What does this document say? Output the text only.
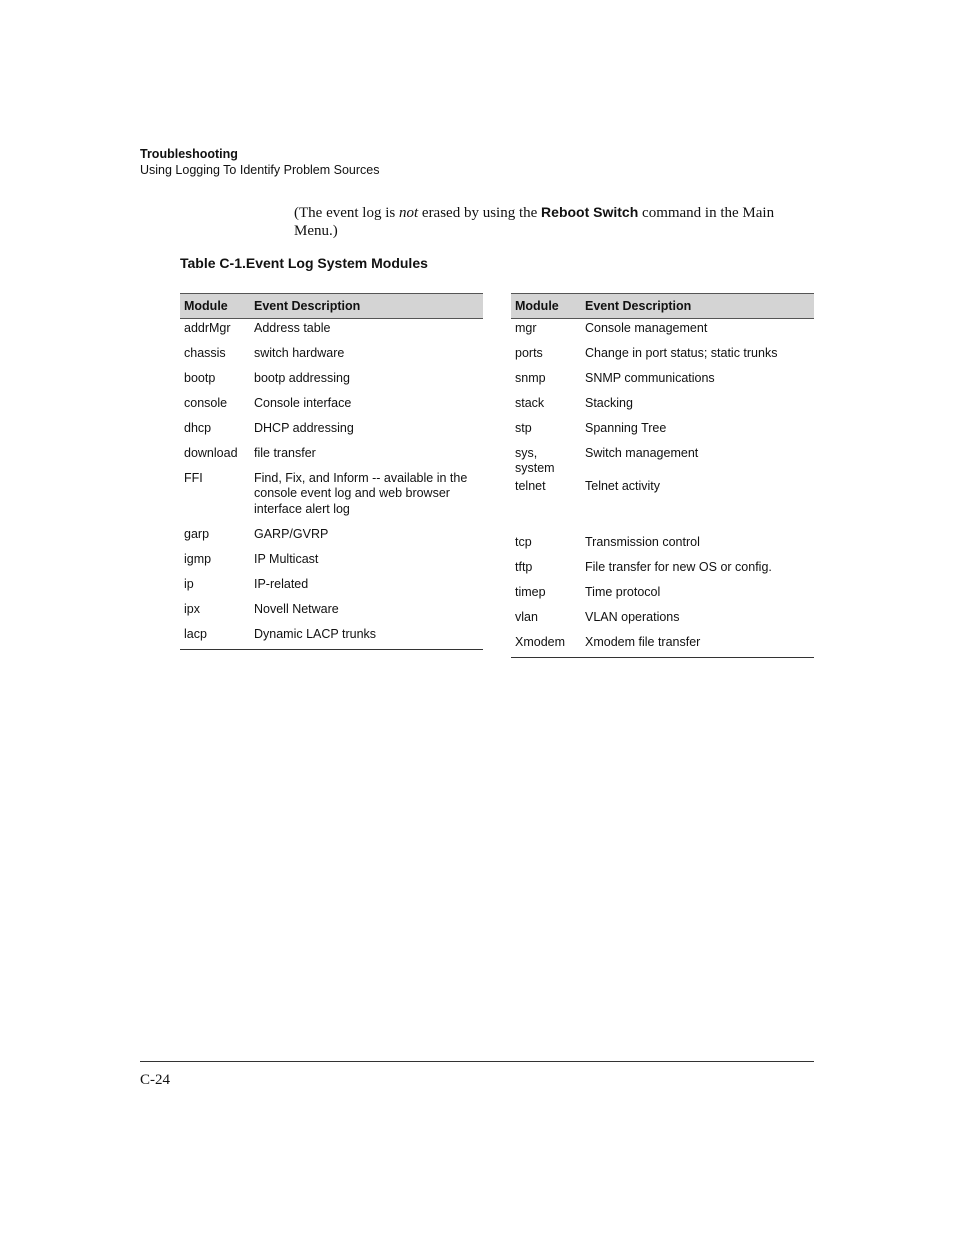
Troubleshooting
Using Logging To Identify Problem Sources
(The event log is not erased by using the Reboot Switch command in the Main Menu.)
Table C-1.Event Log System Modules
Module	Event Description
addrMgr	Address table
chassis	switch hardware
bootp	bootp addressing
console	Console interface
dhcp	DHCP addressing
download	file transfer
FFI	Find, Fix, and Inform -- available in the console event log and web browser interface alert log
garp	GARP/GVRP
igmp	IP Multicast
ip	IP-related
ipx	Novell Netware
lacp	Dynamic LACP trunks
Module	Event Description
mgr	Console management
ports	Change in port status; static trunks
snmp	SNMP communications
stack	Stacking
stp	Spanning Tree
sys, system	Switch management
telnet	Telnet activity
tcp	Transmission control
tftp	File transfer for new OS or config.
timep	Time protocol
vlan	VLAN operations
Xmodem	Xmodem file transfer
C-24
